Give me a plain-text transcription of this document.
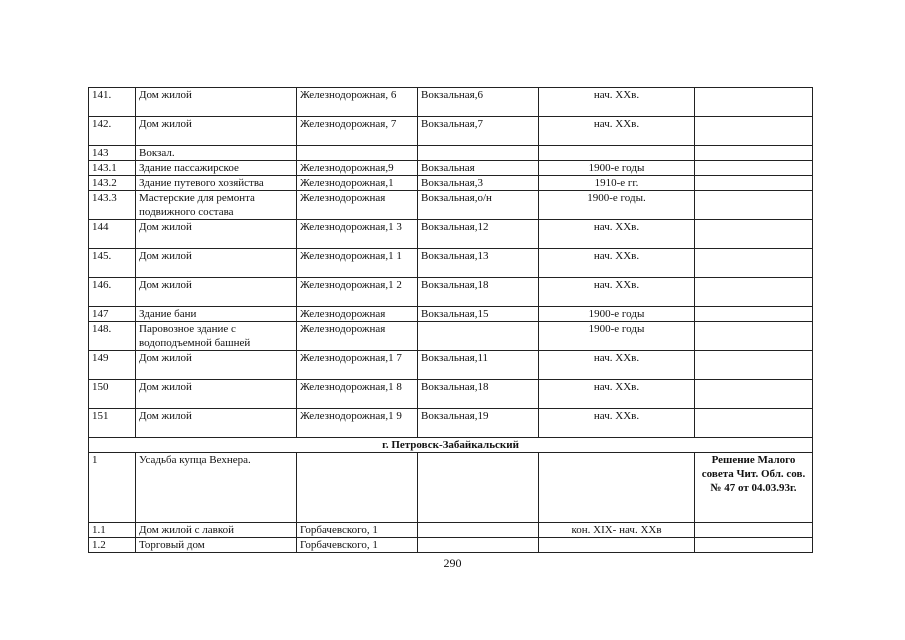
141.	Дом жилой	Железнодорожная, 6	Вокзальная,6	нач. XXв.	
142.	Дом жилой	Железнодорожная, 7	Вокзальная,7	нач. XXв.	
143	Вокзал.				
143.1	Здание пассажирское	Железнодорожная,9	Вокзальная	1900-е годы	
143.2	Здание путевого хозяйства	Железнодорожная,1	Вокзальная,3	1910-е гг.	
143.3	Мастерские для ремонта подвижного состава	Железнодорожная	Вокзальная,о/н	1900-е годы.	
144	Дом жилой	Железнодорожная,1 3	Вокзальная,12	нач. XXв.	
145.	Дом жилой	Железнодорожная,1 1	Вокзальная,13	нач. XXв.	
146.	Дом жилой	Железнодорожная,1 2	Вокзальная,18	нач. XXв.	
147	Здание бани	Железнодорожная	Вокзальная,15	1900-е годы	
148.	Паровозное здание с водоподъемной башней	Железнодорожная		1900-е годы	
149	Дом жилой	Железнодорожная,1 7	Вокзальная,11	нач. XXв.	
150	Дом жилой	Железнодорожная,1 8	Вокзальная,18	нач. XXв.	
151	Дом жилой	Железнодорожная,1 9	Вокзальная,19	нач. XXв.	
г. Петровск-Забайкальский					
1	Усадьба купца Вехнера.				Решение Малого совета Чит. Обл. сов. № 47 от 04.03.93г.
1.1	Дом жилой с лавкой	Горбачевского, 1		кон. XIX- нач. XXв	
1.2	Торговый дом	Горбачевского, 1			
290
